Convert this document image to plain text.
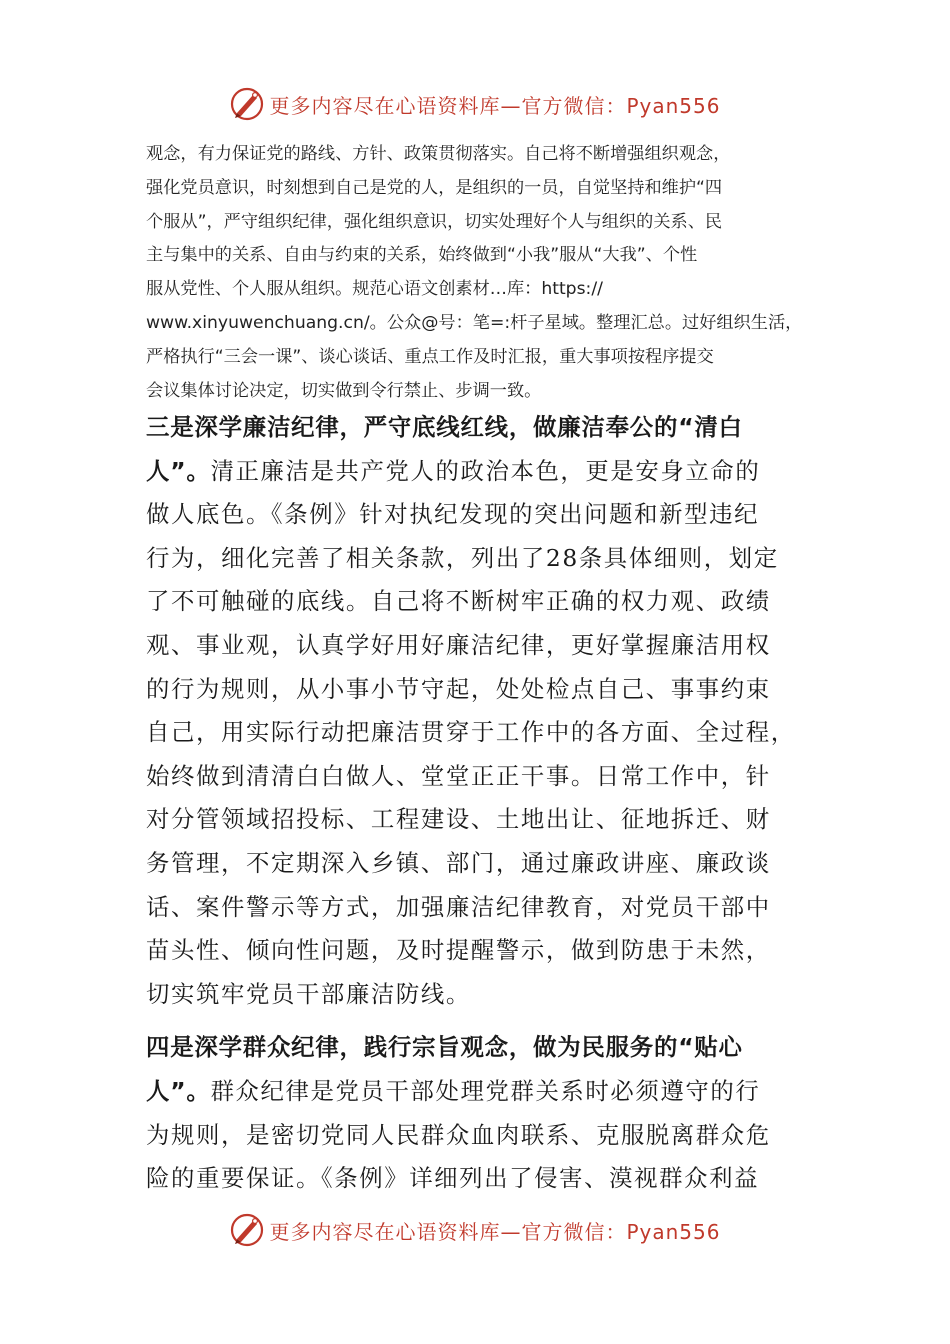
更多内容尽在心语资料库—官方微信：Pyan556
观念，有力保证党的路线、方针、政策贯彻落实。自己将不断增强组织观念，
强化党员意识，时刻想到自己是党的人，是组织的一员，自觉坚持和维护“四
个服从”，严守组织纪律，强化组织意识，切实处理好个人与组织的关系、民
主与集中的关系、自由与约束的关系，始终做到“小我”服从“大我”、个性
服从党性、个人服从组织。规范心语文创素材…库：https://
www.xinyuwenchuang.cn/。公众@号：笔=:杆子星域。整理汇总。过好组织生活，
严格执行“三会一课”、谈心谈话、重点工作及时汇报，重大事项按程序提交
会议集体讨论决定，切实做到令行禁止、步调一致。
三是深学廉洁纪律，严守底线红线，做廉洁奉公的“清白
人”。清正廉洁是共产党人的政治本色，更是安身立命的
做人底色。《条例》针对执纪发现的突出问题和新型违纪
行为，细化完善了相关条款，列出了28条具体细则，划定
了不可触碰的底线。自己将不断树牢正确的权力观、政绩
观、事业观，认真学好用好廉洁纪律，更好掌握廉洁用权
的行为规则，从小事小节守起，处处检点自己、事事约束
自己，用实际行动把廉洁贯穿于工作中的各方面、全过程，
始终做到清清白白做人、堂堂正正干事。日常工作中，针
对分管领域招投标、工程建设、土地出让、征地拆迁、财
务管理，不定期深入乡镇、部门，通过廉政讲座、廉政谈
话、案件警示等方式，加强廉洁纪律教育，对党员干部中
苗头性、倾向性问题，及时提醒警示，做到防患于未然，
切实筑牢党员干部廉洁防线。
四是深学群众纪律，践行宗旨观念，做为民服务的“贴心
人”。群众纪律是党员干部处理党群关系时必须遵守的行
为规则，是密切党同人民群众血肉联系、克服脱离群众危
险的重要保证。《条例》详细列出了侵害、漠视群众利益
更多内容尽在心语资料库—官方微信：Pyan556
